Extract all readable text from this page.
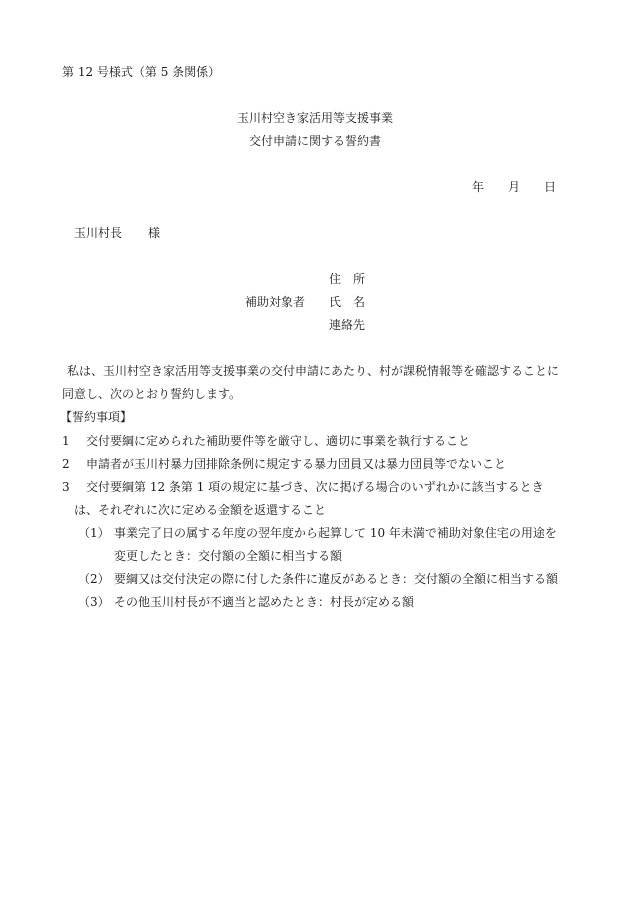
第 12 号様式（第 5 条関係）
玉川村空き家活用等支援事業
交付申請に関する誓約書
年 月 日
玉川村長 様
住　所
補助対象者 氏　名
連絡先
私は、玉川村空き家活用等支援事業の交付申請にあたり、村が課税情報等を確認することに
同意し、次のとおり誓約します。
【誓約事項】
1 交付要綱に定められた補助要件等を厳守し、適切に事業を執行すること
2 申請者が玉川村暴力団排除条例に規定する暴力団員又は暴力団員等でないこと
3 交付要綱第 12 条第 1 項の規定に基づき、次に掲げる場合のいずれかに該当するとき
は、それぞれに次に定める金額を返還すること
（1） 事業完了日の属する年度の翌年度から起算して 10 年未満で補助対象住宅の用途を
変更したとき：交付額の全額に相当する額
（2） 要綱又は交付決定の際に付した条件に違反があるとき：交付額の全額に相当する額
（3） その他玉川村長が不適当と認めたとき：村長が定める額
